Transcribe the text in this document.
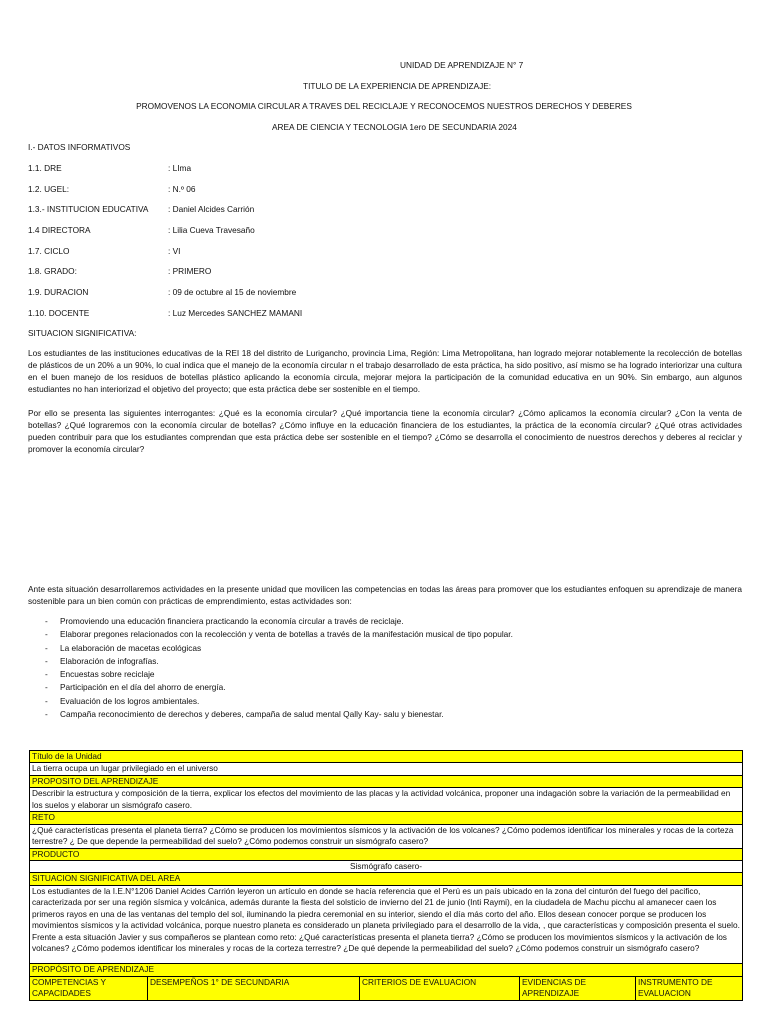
UNIDAD DE APRENDIZAJE N° 7
TITULO DE LA EXPERIENCIA DE APRENDIZAJE:
PROMOVENOS LA ECONOMIA CIRCULAR A TRAVES DEL RECICLAJE Y RECONOCEMOS NUESTROS DERECHOS Y DEBERES
AREA DE CIENCIA Y TECNOLOGIA 1ero DE SECUNDARIA 2024
I.- DATOS INFORMATIVOS
1.1. DRE	: LIma
1.2. UGEL:	: N.º 06
1.3.- INSTITUCION EDUCATIVA : Daniel Alcides Carrión
1.4 DIRECTORA	: Lilia Cueva Travesaño
1.7. CICLO	: VI
1.8. GRADO:	: PRIMERO
1.9. DURACION	: 09 de octubre al 15 de noviembre
1.10. DOCENTE	: Luz Mercedes SANCHEZ MAMANI
SITUACION SIGNIFICATIVA:
Los estudiantes de las instituciones educativas de la REI 18 del distrito de Lurigancho, provincia Lima, Región: Lima Metropolitana, han logrado mejorar notablemente la recolección de botellas de plásticos de un 20% a un 90%, lo cual indica que el manejo de la economía circular n el trabajo desarrollado de esta práctica, ha sido positivo, así mismo se ha logrado interiorizar una cultura en el buen manejo de los residuos de botellas plástico aplicando la economía circula, mejorar mejora la participación de la comunidad educativa en un 90%. Sin embargo, aun algunos estudiantes no han interiorizad el objetivo del proyecto; que esta práctica debe ser sostenible en el tiempo.
Por ello se presenta las siguientes interrogantes: ¿Qué es la economía circular? ¿Qué importancia tiene la economía circular? ¿Cómo aplicamos la economía circular? ¿Con la venta de botellas? ¿Qué lograremos con la economía circular de botellas? ¿Cómo influye en la educación financiera de los estudiantes, la práctica de la economía circular? ¿Qué otras actividades pueden contribuir para que los estudiantes comprendan que esta práctica debe ser sostenible en el tiempo? ¿Cómo se desarrolla el conocimiento de nuestros derechos y deberes al reciclar y promover la economía circular?
Ante esta situación desarrollaremos actividades en la presente unidad que movilicen las competencias en todas las áreas para promover que los estudiantes enfoquen su aprendizaje de manera sostenible para un bien común con prácticas de emprendimiento, estas actividades son:
- Promoviendo una educación financiera practicando la economía circular a través de reciclaje.
- Elaborar pregones relacionados con la recolección y venta de botellas a través de la manifestación musical de tipo popular.
- La elaboración de macetas ecológicas
- Elaboración de infografías.
- Encuestas sobre reciclaje
- Participación en el día del ahorro de energía.
- Evaluación de los logros ambientales.
- Campaña reconocimiento de derechos y deberes, campaña de salud mental Qally Kay- salu y bienestar.
Título de la Unidad
La tierra ocupa un lugar privilegiado en el universo
PROPOSITO DEL APRENDIZAJE
Describir la estructura y composición de la tierra, explicar los efectos del movimiento de las placas y la actividad volcánica, proponer una indagación sobre la variación de la permeabilidad en los suelos y elaborar un sismógrafo casero.
RETO
¿Qué características presenta el planeta tierra? ¿Cómo se producen los movimientos sísmicos y la activación de los volcanes? ¿Cómo podemos identificar los minerales y rocas de la corteza terrestre? ¿ De que depende la permeabilidad del suelo? ¿Cómo podemos construir un sismógrafo casero?
PRODUCTO
Sismógrafo casero-
SITUACION SIGNIFICATIVA DEL AREA
Los estudiantes de la I.E.N°1206 Daniel Acides Carrión leyeron un artículo en donde se hacía referencia que el Perú es un país ubicado en la zona del cinturón del fuego del pacifico, caracterizada por ser una región sísmica y volcánica, además durante la fiesta del solsticio de invierno del 21 de junio (Inti Raymi), en la ciudadela de Machu picchu al amanecer caen los primeros rayos en una de las ventanas del templo del sol, iluminando la piedra ceremonial en su interior, siendo el día más corto del año. Ellos desean conocer porque se producen los movimientos sísmicos y la actividad volcánica, porque nuestro planeta es considerado un planeta privilegiado para el desarrollo de la vida, , que características y composición presenta el suelo. Frente a esta situación Javier y sus compañeros se plantean como reto: ¿Qué características presenta el planeta tierra? ¿Cómo se producen los movimientos sísmicos y la activación de los volcanes? ¿Cómo podemos identificar los minerales y rocas de la corteza terrestre? ¿De qué depende la permeabilidad del suelo? ¿Cómo podemos construir un sismógrafo casero?
PROPÓSITO DE APRENDIZAJE
COMPETENCIAS Y CAPACIDADES	DESEMPEÑOS 1° DE SECUNDARIA	CRITERIOS DE EVALUACION	EVIDENCIAS DE APRENDIZAJE	INSTRUMENTO DE EVALUACION
